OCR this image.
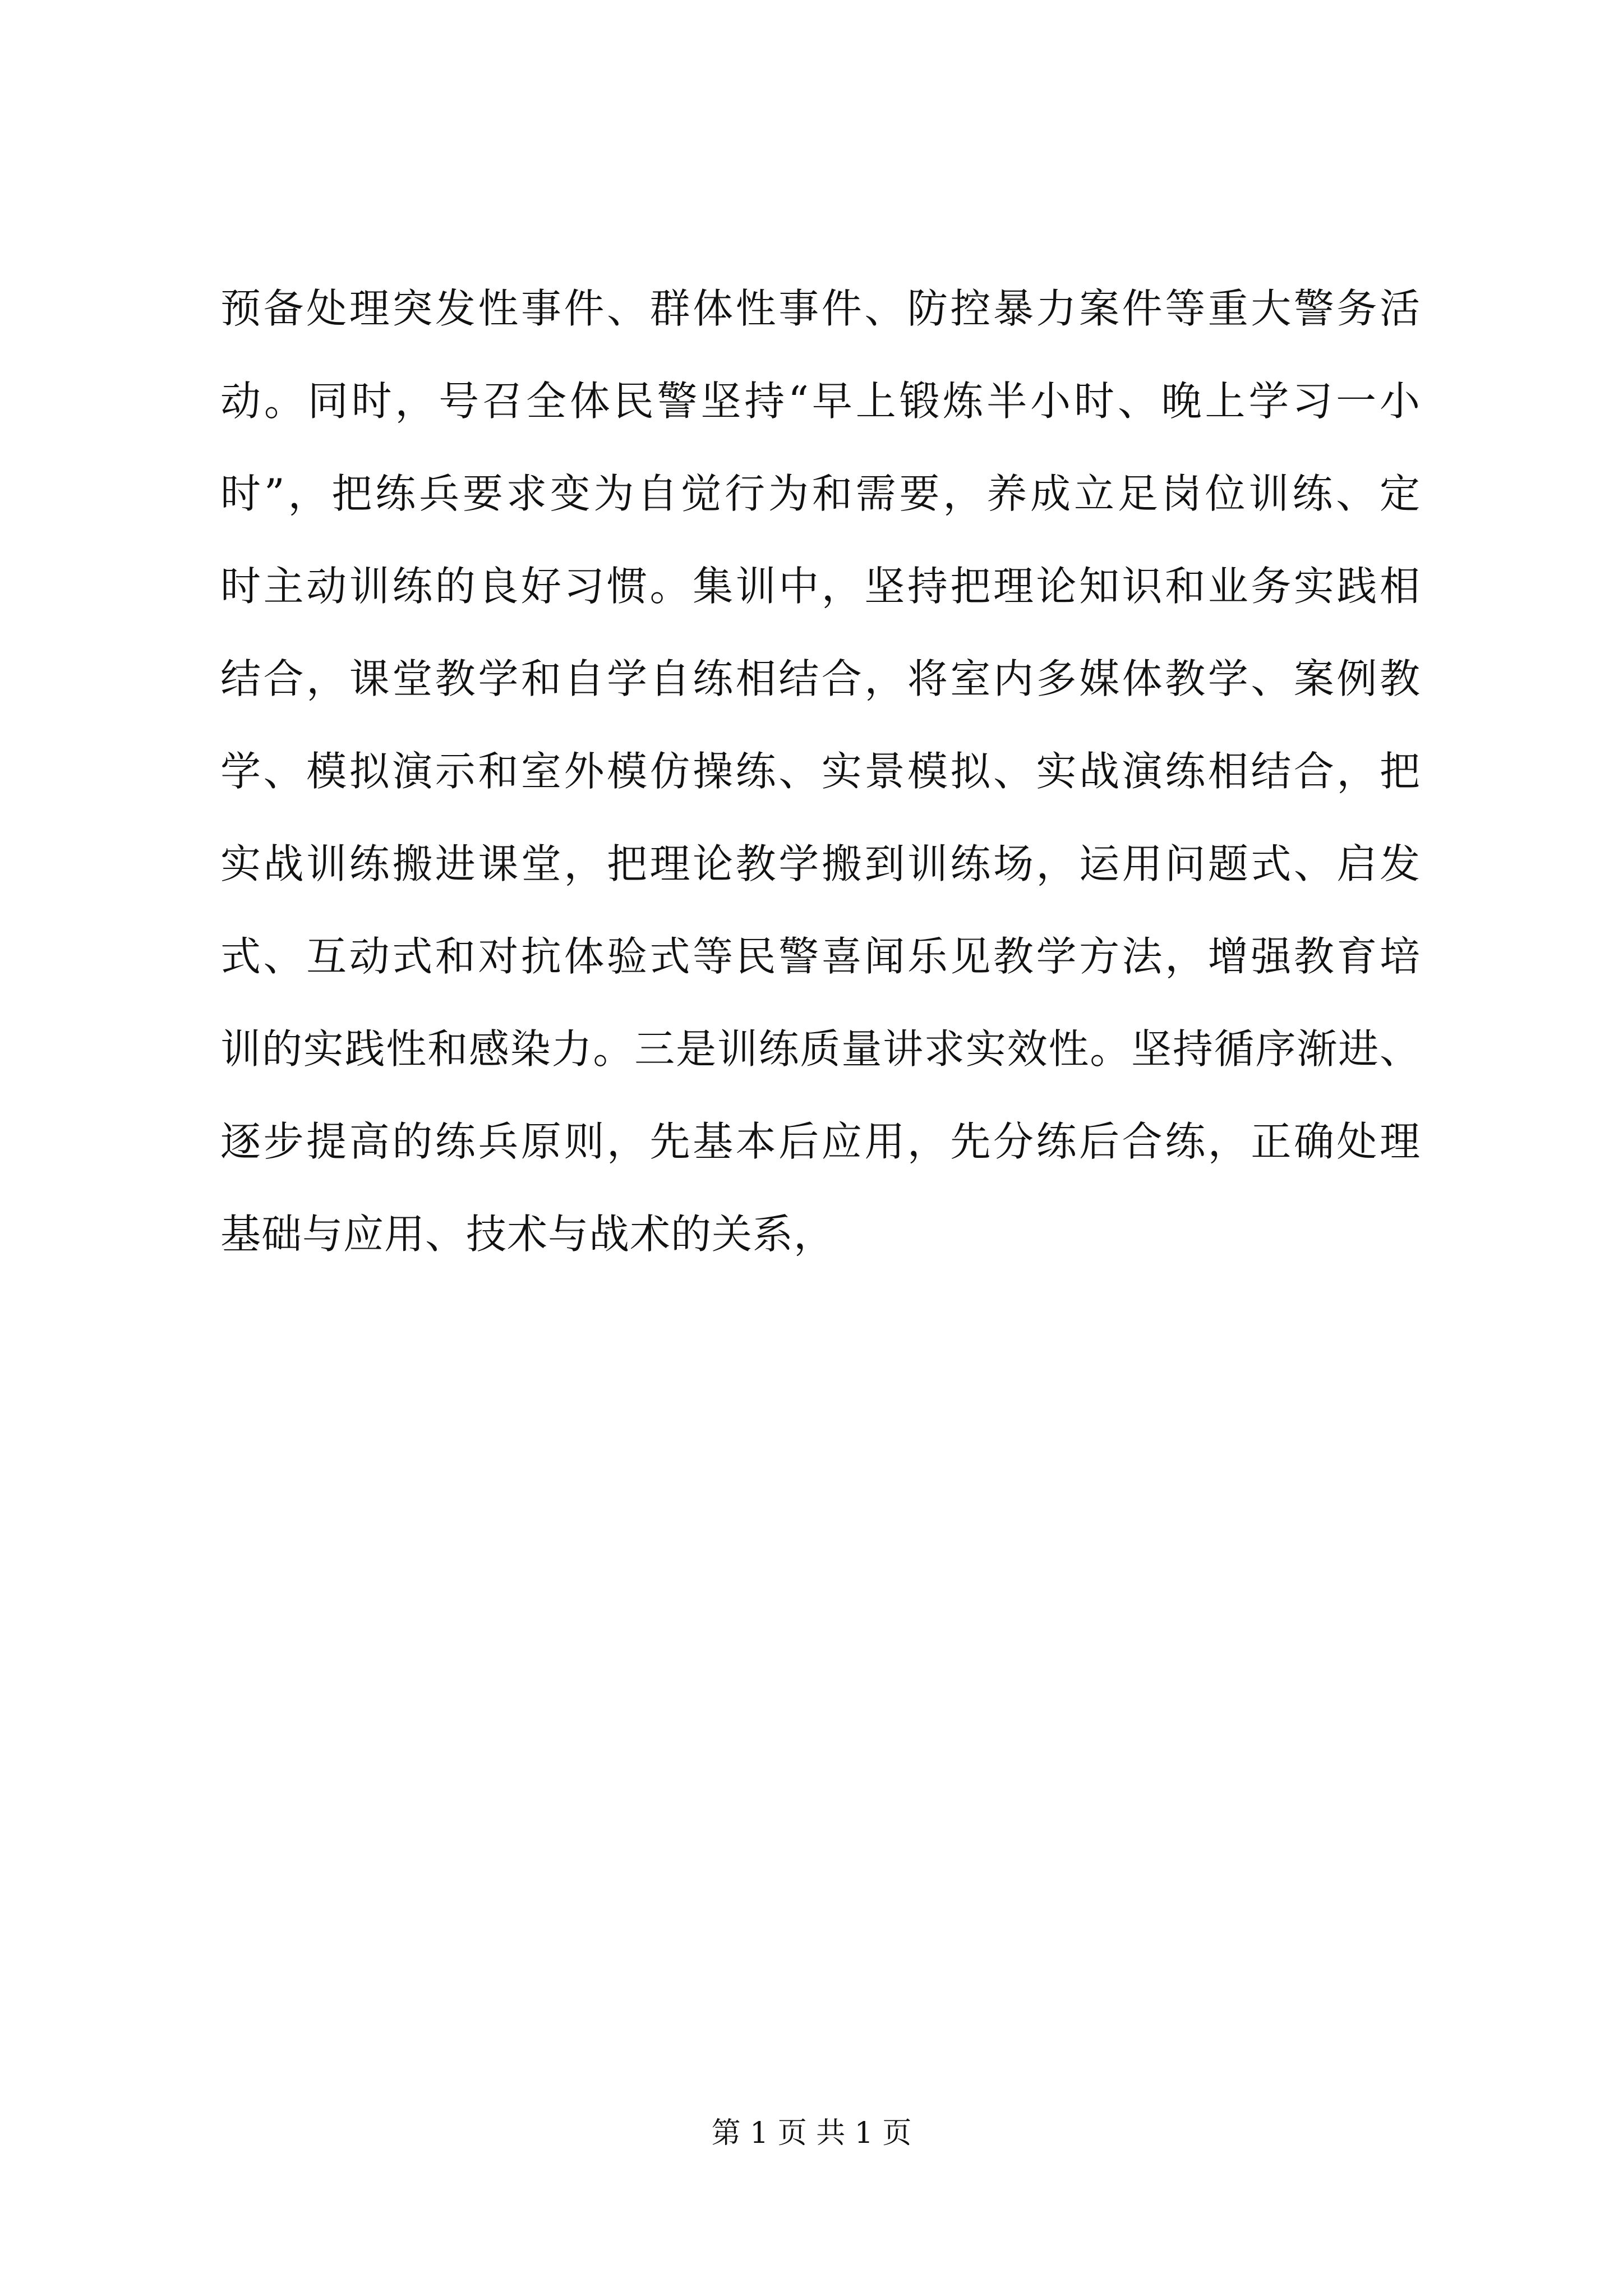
预备处理突发性事件、群体性事件、防控暴力案件等重大警务活
动。同时，号召全体民警坚持“早上锻炼半小时、晚上学习一小
时”，把练兵要求变为自觉行为和需要，养成立足岗位训练、定
时主动训练的良好习惯。集训中，坚持把理论知识和业务实践相
结合，课堂教学和自学自练相结合，将室内多媒体教学、案例教
学、模拟演示和室外模仿操练、实景模拟、实战演练相结合，把
实战训练搬进课堂，把理论教学搬到训练场，运用问题式、启发
式、互动式和对抗体验式等民警喜闻乐见教学方法，增强教育培
训的实践性和感染力。三是训练质量讲求实效性。坚持循序渐进、
逐步提高的练兵原则，先基本后应用，先分练后合练，正确处理
基础与应用、技术与战术的关系，
第 1 页 共 1 页
